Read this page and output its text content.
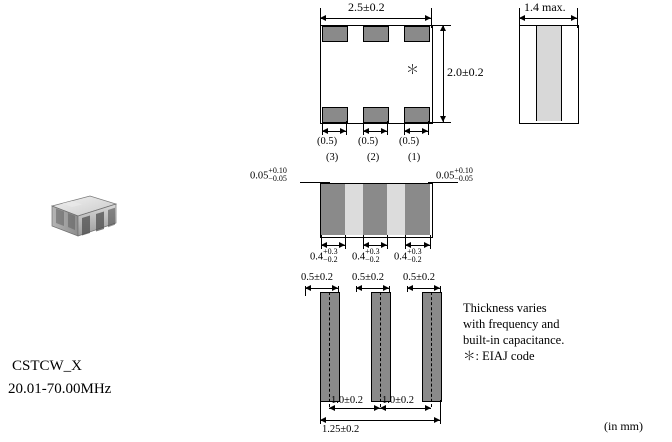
CSTCW_X
20.01-70.00MHz
＊
2.5±0.2
2.0±0.2
(0.5) (0.5) (0.5)
(3)	(2)	(1)
1.4 max.
0.05
+0.10
−0.05	0.05
+0.10
−0.05
0.4
+0.3
−0.2 0.4
+0.3
−0.2 0.4
+0.3
−0.2
0.5±0.2 0.5±0.2 0.5±0.2
1.0±0.2 1.0±0.2
1.25±0.2
Thickness varies
with frequency and
built-in capacitance.
＊: EIAJ code
(in mm)
